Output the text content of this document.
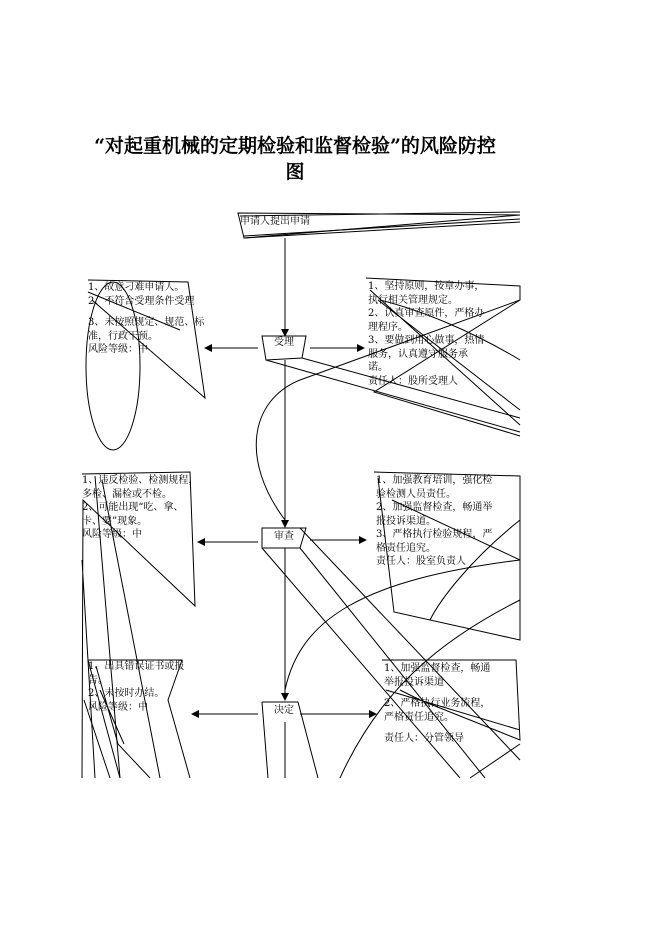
“对起重机械的定期检验和监督检验”的风险防控
图
申请人提出申请
受理
审查
决定
1、故意刁难申请人。
2、不符合受理条件受理
3、未按照规定、规范、标准，行政干预。
风险等级：中
1、违反检验、检测规程，多检、漏检或不检。
2、可能出现“吃、拿、卡、要”现象。
风险等级：中
1、出具错误证书或报告。
2、未按时办结。
风险等级：中
1、坚持原则，按章办事，执行相关管理规定。
2、认真审查原件，严格办理程序。
3、要做到用心做事，热情服务，认真遵守服务承诺。
责任人：股所受理人
1、加强教育培训，强化检验检测人员责任。
2、加强监督检查，畅通举报投诉渠道。
3、严格执行检验规程，严格责任追究。
责任人：股室负责人
1、加强监督检查，畅通举报投诉渠道
2、严格执行业务流程，严格责任追究。
责任人：分管领导
